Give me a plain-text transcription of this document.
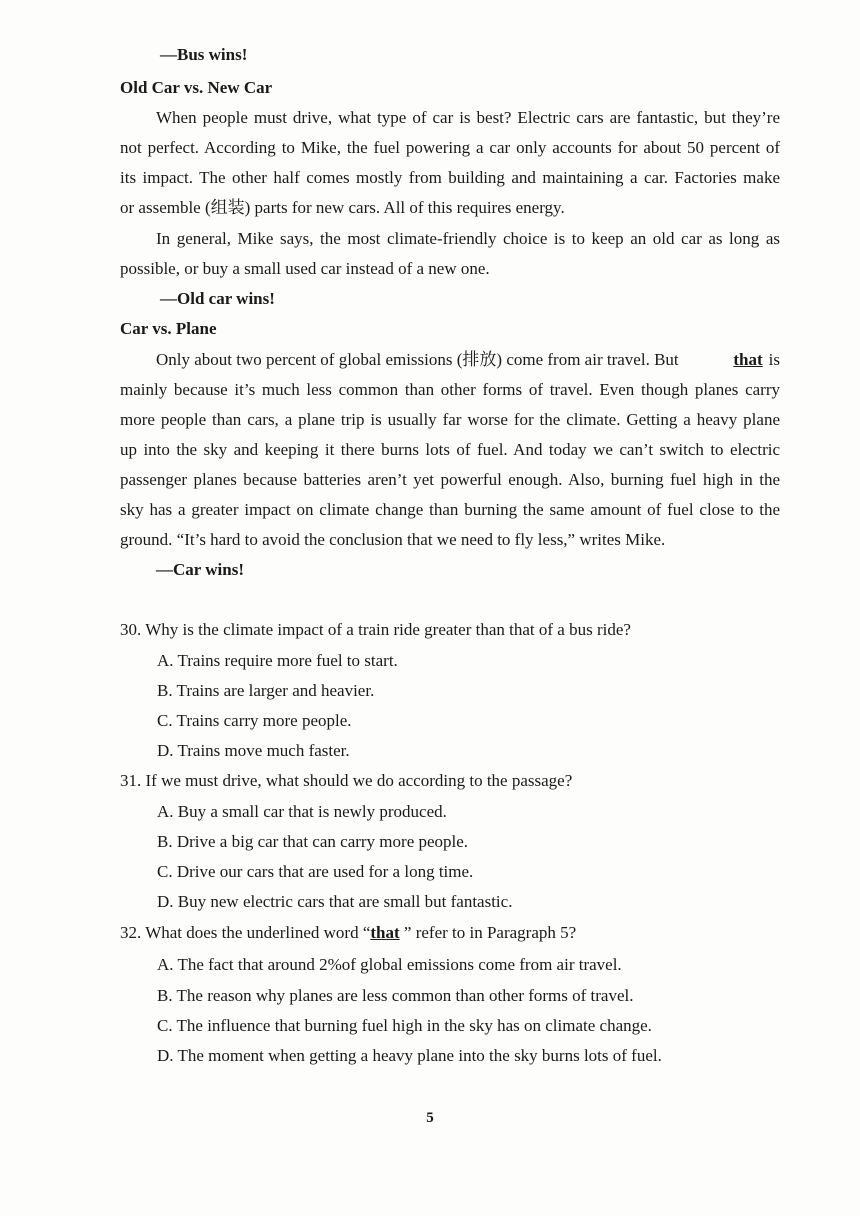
—Bus wins!
Old Car vs. New Car
When people must drive, what type of car is best? Electric cars are fantastic, but they’re
not perfect. According to Mike, the fuel powering a car only accounts for about 50 percent of
its impact. The other half comes mostly from building and maintaining a car. Factories make
or assemble (组装) parts for new cars. All of this requires energy.
In general, Mike says, the most climate-friendly choice is to keep an old car as long as
possible, or buy a small used car instead of a new one.
—Old car wins!
Car vs. Plane
Only about two percent of global emissions (排放) come from air travel. But	that is
mainly because it’s much less common than other forms of travel. Even though planes carry
more people than cars, a plane trip is usually far worse for the climate. Getting a heavy plane
up into the sky and keeping it there burns lots of fuel. And today we can’t switch to electric
passenger planes because batteries aren’t yet powerful enough. Also, burning fuel high in the
sky has a greater impact on climate change than burning the same amount of fuel close to the
ground. “It’s hard to avoid the conclusion that we need to fly less,” writes Mike.
—Car wins!
30. Why is the climate impact of a train ride greater than that of a bus ride?
A. Trains require more fuel to start.
B. Trains are larger and heavier.
C. Trains carry more people.
D. Trains move much faster.
31. If we must drive, what should we do according to the passage?
A. Buy a small car that is newly produced.
B. Drive a big car that can carry more people.
C. Drive our cars that are used for a long time.
D. Buy new electric cars that are small but fantastic.
32. What does the underlined word “that ” refer to in Paragraph 5?
A. The fact that around 2%of global emissions come from air travel.
B. The reason why planes are less common than other forms of travel.
C. The influence that burning fuel high in the sky has on climate change.
D. The moment when getting a heavy plane into the sky burns lots of fuel.
5
